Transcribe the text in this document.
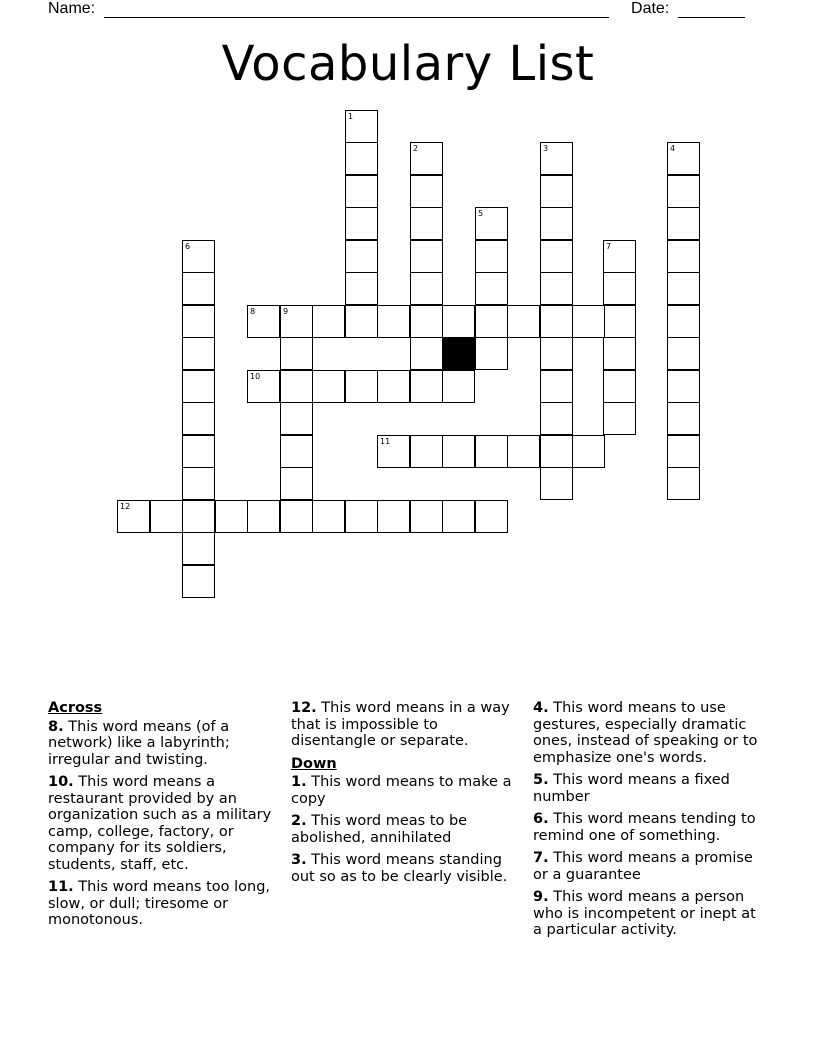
Name:	Date:
Vocabulary List
1
2	3	4
5
6	7
8	9
10
11
12
Across
8. This word means (of a network) like a labyrinth; irregular and twisting.
10. This word means a restaurant provided by an organization such as a military camp, college, factory, or company for its soldiers, students, staff, etc.
11. This word means too long, slow, or dull; tiresome or monotonous.
12. This word means in a way that is impossible to disentangle or separate.
Down
1. This word means to make a copy
2. This word meas to be abolished, annihilated
3. This word means standing out so as to be clearly visible.
4. This word means to use gestures, especially dramatic ones, instead of speaking or to emphasize one's words.
5. This word means a fixed number
6. This word means tending to remind one of something.
7. This word means a promise or a guarantee
9. This word means a person who is incompetent or inept at a particular activity.
